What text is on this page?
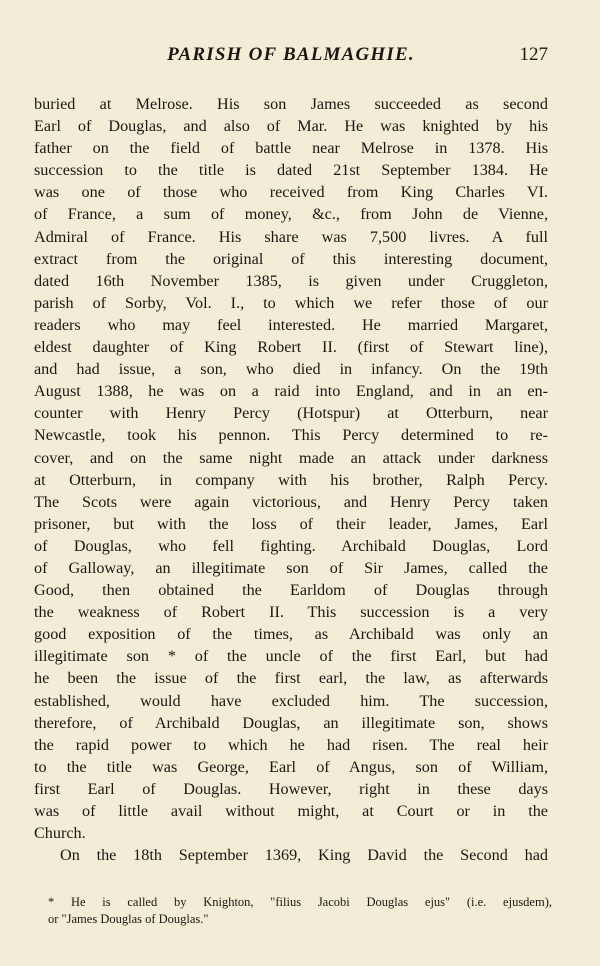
PARISH OF BALMAGHIE.	127
buried at Melrose. His son James succeeded as second
Earl of Douglas, and also of Mar. He was knighted by his
father on the field of battle near Melrose in 1378. His
succession to the title is dated 21st September 1384. He
was one of those who received from King Charles VI.
of France, a sum of money, &c., from John de Vienne,
Admiral of France. His share was 7,500 livres. A full
extract from the original of this interesting document,
dated 16th November 1385, is given under Cruggleton,
parish of Sorby, Vol. I., to which we refer those of our
readers who may feel interested. He married Margaret,
eldest daughter of King Robert II. (first of Stewart line),
and had issue, a son, who died in infancy. On the 19th
August 1388, he was on a raid into England, and in an en-
counter with Henry Percy (Hotspur) at Otterburn, near
Newcastle, took his pennon. This Percy determined to re-
cover, and on the same night made an attack under darkness
at Otterburn, in company with his brother, Ralph Percy.
The Scots were again victorious, and Henry Percy taken
prisoner, but with the loss of their leader, James, Earl
of Douglas, who fell fighting. Archibald Douglas, Lord
of Galloway, an illegitimate son of Sir James, called the
Good, then obtained the Earldom of Douglas through
the weakness of Robert II. This succession is a very
good exposition of the times, as Archibald was only an
illegitimate son * of the uncle of the first Earl, but had
he been the issue of the first earl, the law, as afterwards
established, would have excluded him. The succession,
therefore, of Archibald Douglas, an illegitimate son, shows
the rapid power to which he had risen. The real heir
to the title was George, Earl of Angus, son of William,
first Earl of Douglas. However, right in these days
was of little avail without might, at Court or in the
Church.
On the 18th September 1369, King David the Second had
* He is called by Knighton, "filius Jacobi Douglas ejus" (i.e. ejusdem),
or "James Douglas of Douglas."
